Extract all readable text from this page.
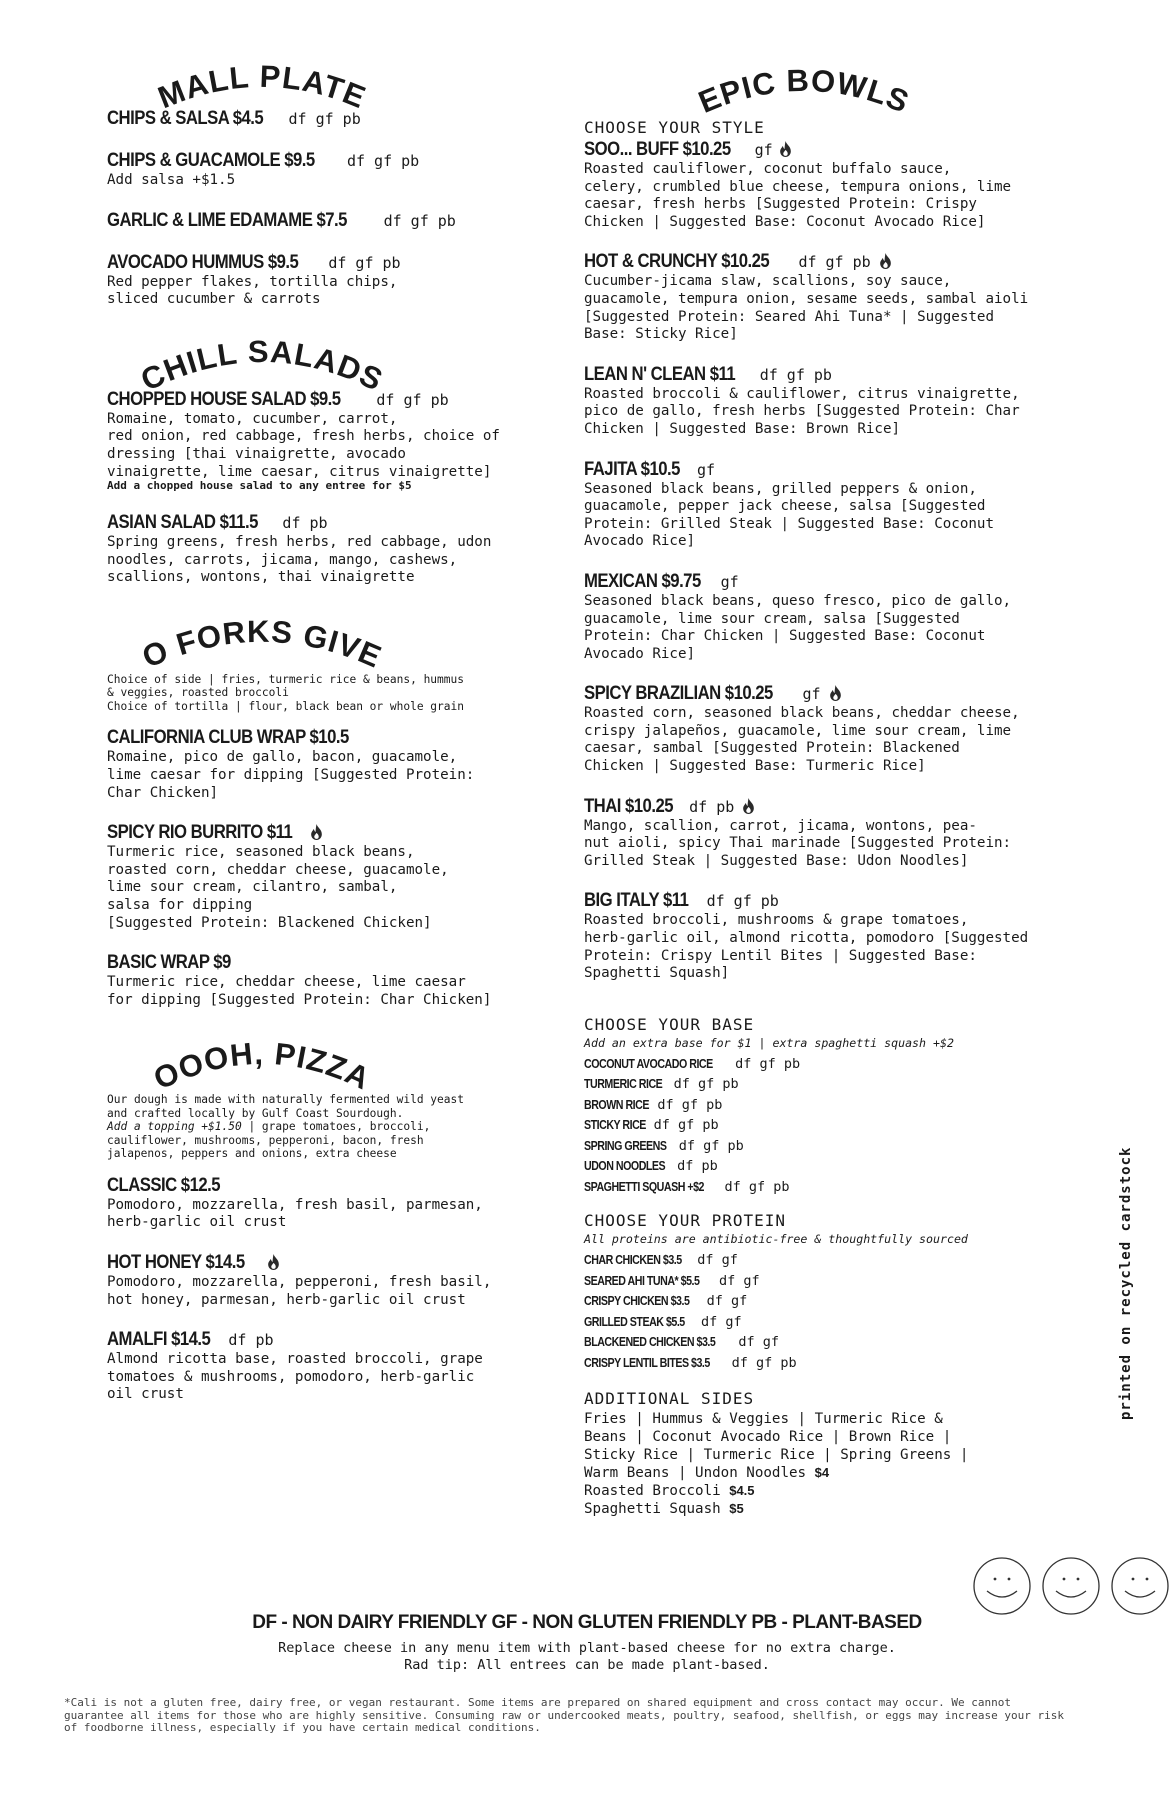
SMALL PLATES
CHIPS & SALSA $4.5 df gf pb
CHIPS & GUACAMOLE $9.5 df gf pb
Add salsa +$1.5
GARLIC & LIME EDAMAME $7.5 df gf pb
AVOCADO HUMMUS $9.5 df gf pb
Red pepper flakes, tortilla chips,
sliced cucumber & carrots
CHILL SALADS
CHOPPED HOUSE SALAD $9.5 df gf pb
Romaine, tomato, cucumber, carrot,
red onion, red cabbage, fresh herbs, choice of
dressing [thai vinaigrette, avocado
vinaigrette, lime caesar, citrus vinaigrette]
Add a chopped house salad to any entree for $5
ASIAN SALAD $11.5 df pb
Spring greens, fresh herbs, red cabbage, udon
noodles, carrots, jicama, mango, cashews,
scallions, wontons, thai vinaigrette
NO FORKS GIVEN
Choice of side | fries, turmeric rice & beans, hummus
& veggies, roasted broccoli
Choice of tortilla | flour, black bean or whole grain
CALIFORNIA CLUB WRAP $10.5
Romaine, pico de gallo, bacon, guacamole,
lime caesar for dipping [Suggested Protein:
Char Chicken]
SPICY RIO BURRITO $11
Turmeric rice, seasoned black beans,
roasted corn, cheddar cheese, guacamole,
lime sour cream, cilantro, sambal,
salsa for dipping
[Suggested Protein: Blackened Chicken]
BASIC WRAP $9
Turmeric rice, cheddar cheese, lime caesar
for dipping [Suggested Protein: Char Chicken]
OOOH, PIZZA
Our dough is made with naturally fermented wild yeast
and crafted locally by Gulf Coast Sourdough.
Add a topping +$1.50 | grape tomatoes, broccoli,
cauliflower, mushrooms, pepperoni, bacon, fresh
jalapenos, peppers and onions, extra cheese
CLASSIC $12.5
Pomodoro, mozzarella, fresh basil, parmesan,
herb-garlic oil crust
HOT HONEY $14.5
Pomodoro, mozzarella, pepperoni, fresh basil,
hot honey, parmesan, herb-garlic oil crust
AMALFI $14.5 df pb
Almond ricotta base, roasted broccoli, grape
tomatoes & mushrooms, pomodoro, herb-garlic
oil crust
EPIC BOWLS
CHOOSE YOUR STYLE
SOO... BUFF $10.25 gf
Roasted cauliflower, coconut buffalo sauce,
celery, crumbled blue cheese, tempura onions, lime
caesar, fresh herbs [Suggested Protein: Crispy
Chicken | Suggested Base: Coconut Avocado Rice]
HOT & CRUNCHY $10.25 df gf pb
Cucumber-jicama slaw, scallions, soy sauce,
guacamole, tempura onion, sesame seeds, sambal aioli
[Suggested Protein: Seared Ahi Tuna* | Suggested
Base: Sticky Rice]
LEAN N' CLEAN $11 df gf pb
Roasted broccoli & cauliflower, citrus vinaigrette,
pico de gallo, fresh herbs [Suggested Protein: Char
Chicken | Suggested Base: Brown Rice]
FAJITA $10.5 gf
Seasoned black beans, grilled peppers & onion,
guacamole, pepper jack cheese, salsa [Suggested
Protein: Grilled Steak | Suggested Base: Coconut
Avocado Rice]
MEXICAN $9.75 gf
Seasoned black beans, queso fresco, pico de gallo,
guacamole, lime sour cream, salsa [Suggested
Protein: Char Chicken | Suggested Base: Coconut
Avocado Rice]
SPICY BRAZILIAN $10.25 gf
Roasted corn, seasoned black beans, cheddar cheese,
crispy jalapeños, guacamole, lime sour cream, lime
caesar, sambal [Suggested Protein: Blackened
Chicken | Suggested Base: Turmeric Rice]
THAI $10.25 df pb
Mango, scallion, carrot, jicama, wontons, pea-
nut aioli, spicy Thai marinade [Suggested Protein:
Grilled Steak | Suggested Base: Udon Noodles]
BIG ITALY $11 df gf pb
Roasted broccoli, mushrooms & grape tomatoes,
herb-garlic oil, almond ricotta, pomodoro [Suggested
Protein: Crispy Lentil Bites | Suggested Base:
Spaghetti Squash]
CHOOSE YOUR BASE
Add an extra base for $1 | extra spaghetti squash +$2
COCONUT AVOCADO RICE df gf pb
TURMERIC RICE df gf pb
BROWN RICE df gf pb
STICKY RICE df gf pb
SPRING GREENS df gf pb
UDON NOODLES df pb
SPAGHETTI SQUASH +$2 df gf pb
CHOOSE YOUR PROTEIN
All proteins are antibiotic-free & thoughtfully sourced
CHAR CHICKEN $3.5 df gf
SEARED AHI TUNA* $5.5 df gf
CRISPY CHICKEN $3.5 df gf
GRILLED STEAK $5.5 df gf
BLACKENED CHICKEN $3.5 df gf
CRISPY LENTIL BITES $3.5 df gf pb
ADDITIONAL SIDES
Fries | Hummus & Veggies | Turmeric Rice &
Beans | Coconut Avocado Rice | Brown Rice |
Sticky Rice | Turmeric Rice | Spring Greens |
Warm Beans | Undon Noodles $4
Roasted Broccoli $4.5
Spaghetti Squash $5
printed on recycled cardstock
DF - NON DAIRY FRIENDLY GF - NON GLUTEN FRIENDLY PB - PLANT-BASED
Replace cheese in any menu item with plant-based cheese for no extra charge.
Rad tip: All entrees can be made plant-based.
*Cali is not a gluten free, dairy free, or vegan restaurant. Some items are prepared on shared equipment and cross contact may occur. We cannot guarantee all items for those who are highly sensitive. Consuming raw or undercooked meats, poultry, seafood, shellfish, or eggs may increase your risk of foodborne illness, especially if you have certain medical conditions.
